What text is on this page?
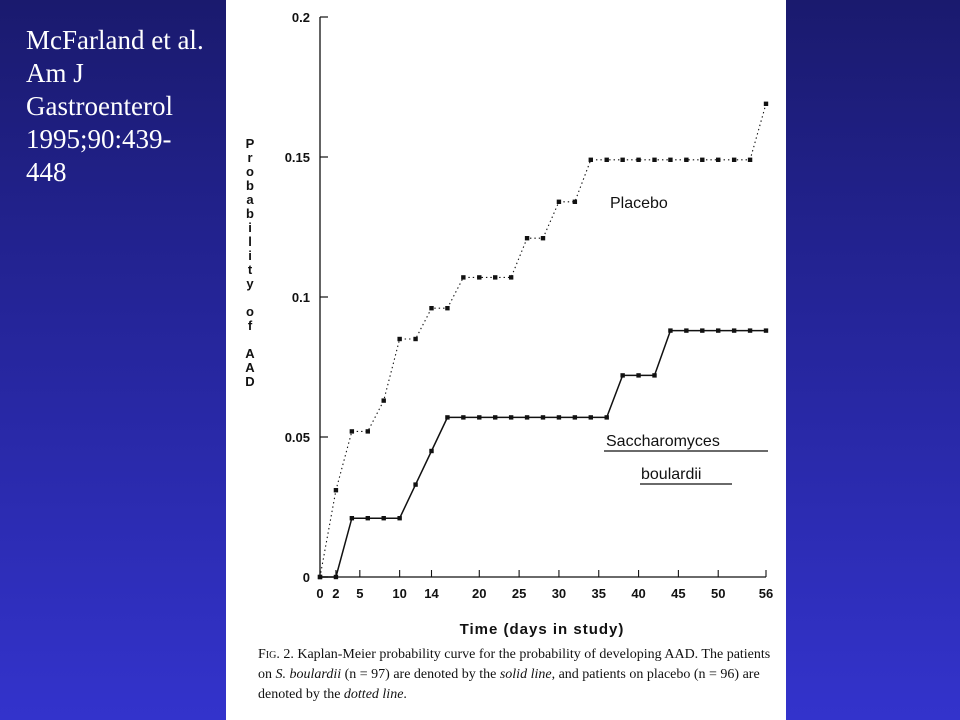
McFarland et al. Am J Gastroenterol 1995;90:439-448
0
0.05
0.1
0.15
0.2
0 2 5 10 14	20 25 30 35 40 45 50	56
P
r
o
b
a
b
i
l
i
t
y
o
f
A
A
D
Time (days in study)
Placebo
Saccharomyces
boulardii
Fig. 2. Kaplan-Meier probability curve for the probability of developing AAD. The patients on S. boulardii (n = 97) are denoted by the solid line, and patients on placebo (n = 96) are denoted by the dotted line.
